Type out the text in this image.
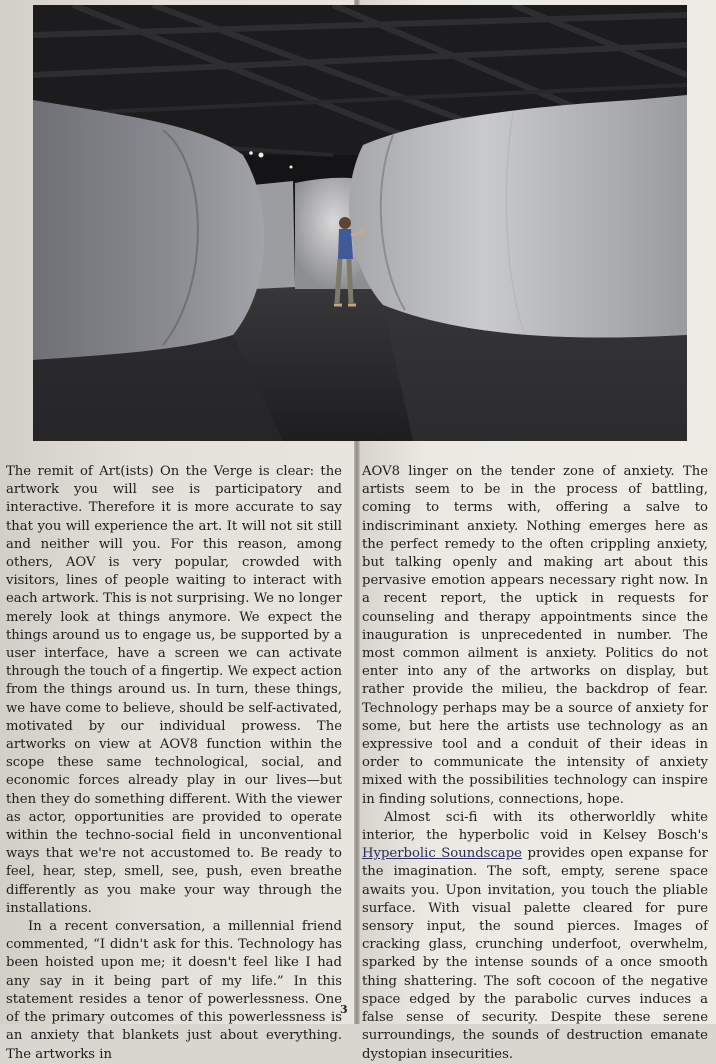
The remit of Art(ists) On the Verge is clear: the artwork you will see is participatory and interactive. Therefore it is more accurate to say that you will experience the art. It will not sit still and neither will you. For this reason, among others, AOV is very popular, crowded with visitors, lines of people waiting to interact with each artwork. This is not surprising. We no longer merely look at things anymore. We expect the things around us to engage us, be supported by a user interface, have a screen we can activate through the touch of a fingertip. We expect action from the things around us. In turn, these things, we have come to believe, should be self-activated, motivated by our individual prowess. The artworks on view at AOV8 function within the scope these same technological, social, and economic forces already play in our lives—but then they do something different. With the viewer as actor, opportunities are provided to operate within the techno-social field in unconventional ways that we're not accustomed to. Be ready to feel, hear, step, smell, see, push, even breathe differently as you make your way through the installations.

In a recent conversation, a millennial friend commented, “I didn't ask for this. Technology has been hoisted upon me; it doesn't feel like I had any say in it being part of my life.” In this statement resides a tenor of powerlessness. One of the primary outcomes of this powerlessness is an anxiety that blankets just about everything. The artworks in

AOV8 linger on the tender zone of anxiety. The artists seem to be in the process of battling, coming to terms with, offering a salve to indiscriminant anxiety. Nothing emerges here as the perfect remedy to the often crippling anxiety, but talking openly and making art about this pervasive emotion appears necessary right now. In a recent report, the uptick in requests for counseling and therapy appointments since the inauguration is unprecedented in number. The most common ailment is anxiety. Politics do not enter into any of the artworks on display, but rather provide the milieu, the backdrop of fear. Technology perhaps may be a source of anxiety for some, but here the artists use technology as an expressive tool and a conduit of their ideas in order to communicate the intensity of anxiety mixed with the possibilities technology can inspire in finding solutions, connections, hope.

Almost sci-fi with its otherworldly white interior, the hyperbolic void in Kelsey Bosch's Hyperbolic Soundscape provides open expanse for the imagination. The soft, empty, serene space awaits you. Upon invitation, you touch the pliable surface. With visual palette cleared for pure sensory input, the sound pierces. Images of cracking glass, crunching underfoot, overwhelm, sparked by the intense sounds of a once smooth thing shattering. The soft cocoon of the negative space edged by the parabolic curves induces a false sense of security. Despite these serene surroundings, the sounds of destruction emanate dystopian insecurities.

3
